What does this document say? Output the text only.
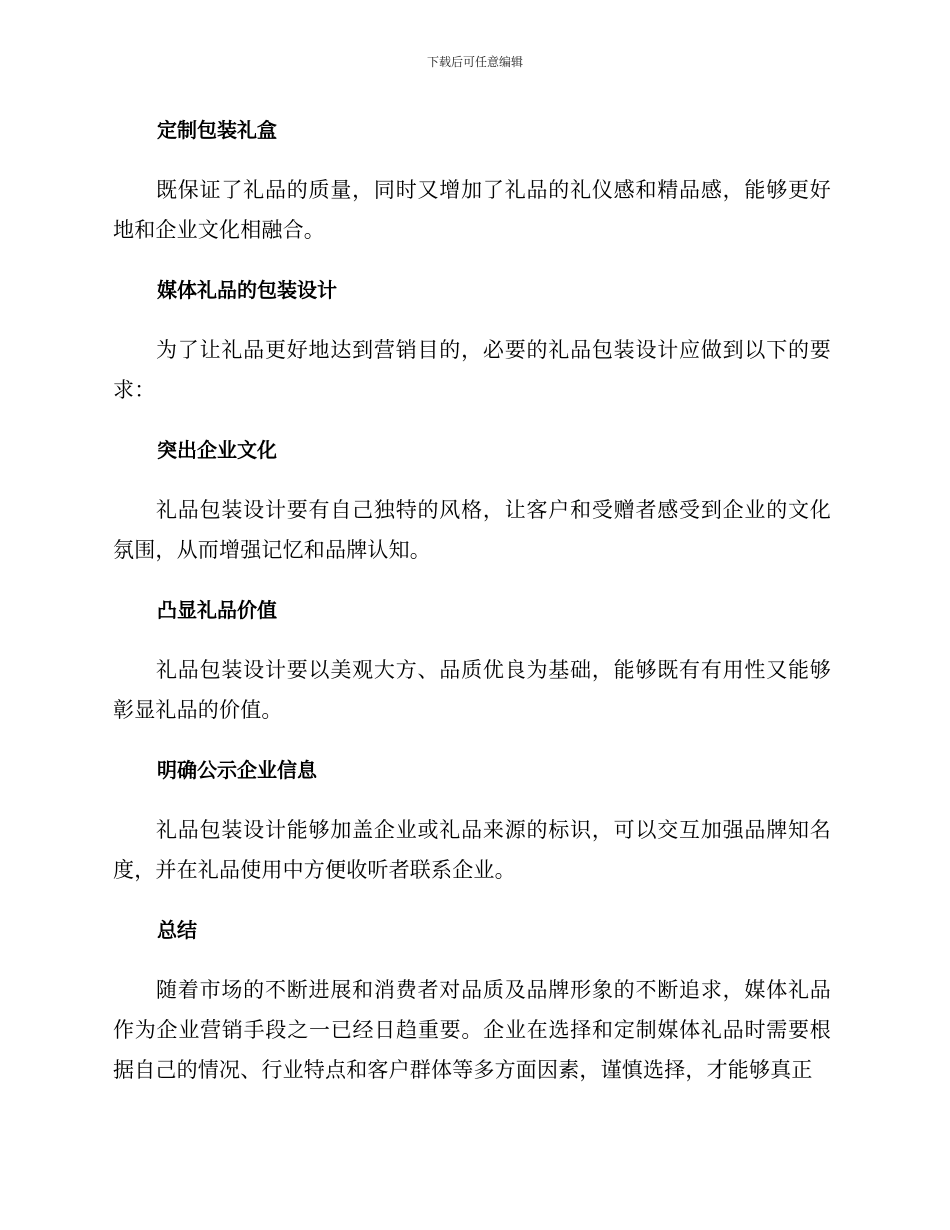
下载后可任意编辑
定制包装礼盒

既保证了礼品的质量，同时又增加了礼品的礼仪感和精品感，能够更好地和企业文化相融合。

媒体礼品的包装设计

为了让礼品更好地达到营销目的，必要的礼品包装设计应做到以下的要求：

突出企业文化

礼品包装设计要有自己独特的风格，让客户和受赠者感受到企业的文化氛围，从而增强记忆和品牌认知。

凸显礼品价值

礼品包装设计要以美观大方、品质优良为基础，能够既有有用性又能够彰显礼品的价值。

明确公示企业信息

礼品包装设计能够加盖企业或礼品来源的标识，可以交互加强品牌知名度，并在礼品使用中方便收听者联系企业。

总结

随着市场的不断进展和消费者对品质及品牌形象的不断追求，媒体礼品作为企业营销手段之一已经日趋重要。企业在选择和定制媒体礼品时需要根据自己的情况、行业特点和客户群体等多方面因素，谨慎选择，才能够真正
